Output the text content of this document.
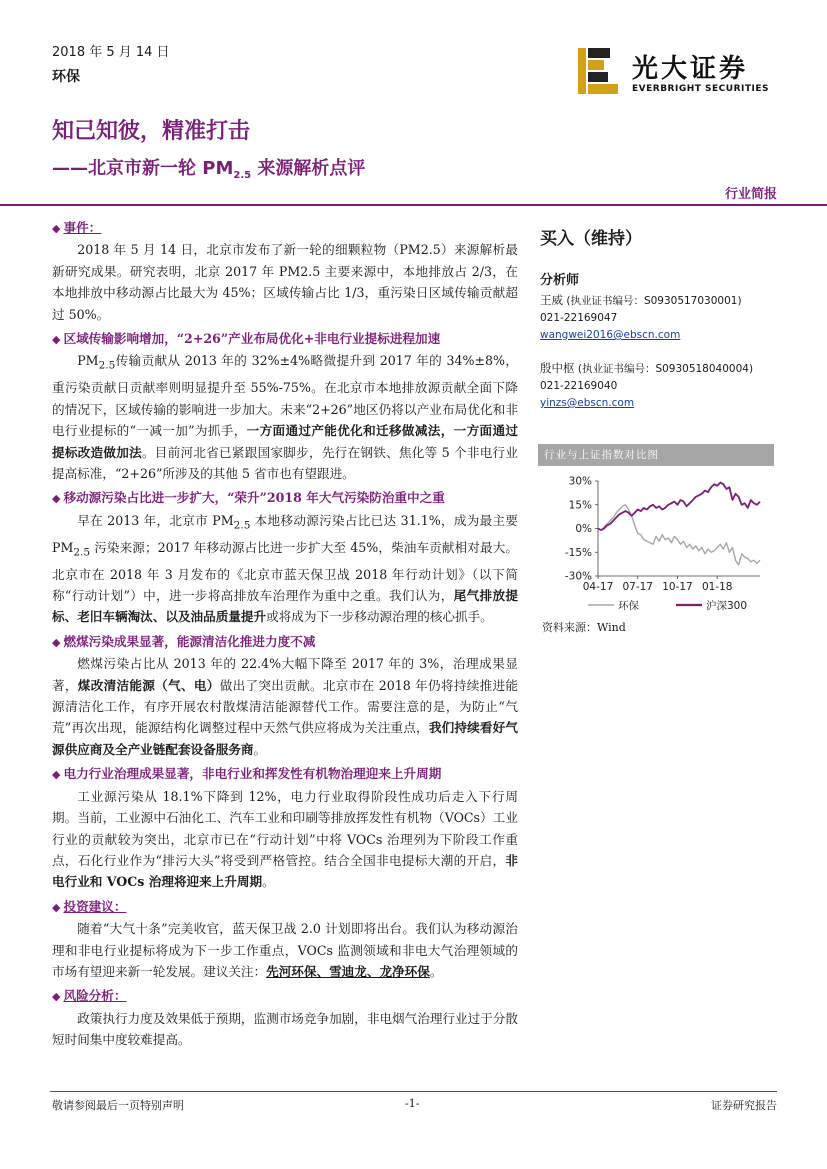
2018 年 5 月 14 日
环保	光大证券
EVERBRIGHT SECURITIES
知己知彼，精准打击
——北京市新一轮 $PM_{2.5}$ 来源解析点评
行业简报
◆ 事件：
2018 年 5 月 14 日，北京市发布了新一轮的细颗粒物（PM2.5）来源解析最新研究成果。研究表明，北京 2017 年 PM2.5 主要来源中，本地排放占 2/3，在本地排放中移动源占比最大为 45%；区域传输占比 1/3，重污染日区域传输贡献超过 50%。
◆ 区域传输影响增加，“2+26”产业布局优化+非电行业提标进程加速
$PM_{2.5}$传输贡献从 2013 年的 32%±4%略微提升到 2017 年的 34%±8%，重污染贡献日贡献率则明显提升至 55%-75%。在北京市本地排放源贡献全面下降的情况下，区域传输的影响进一步加大。未来“2+26”地区仍将以产业布局优化和非电行业提标的“一减一加”为抓手，一方面通过产能优化和迁移做减法，一方面通过提标改造做加法。目前河北省已紧跟国家脚步，先行在钢铁、焦化等 5 个非电行业提高标准，“2+26”所涉及的其他 5 省市也有望跟进。
◆ 移动源污染占比进一步扩大，“荣升”2018 年大气污染防治重中之重
早在 2013 年，北京市 $PM_{2.5}$ 本地移动源污染占比已达 31.1%，成为最主要 $PM_{2.5}$ 污染来源；2017 年移动源占比进一步扩大至 45%，柴油车贡献相对最大。北京市在 2018 年 3 月发布的《北京市蓝天保卫战 2018 年行动计划》（以下简称“行动计划”）中，进一步将高排放车治理作为重中之重。我们认为，尾气排放提标、老旧车辆淘汰、以及油品质量提升或将成为下一步移动源治理的核心抓手。
◆ 燃煤污染成果显著，能源清洁化推进力度不减
燃煤污染占比从 2013 年的 22.4%大幅下降至 2017 年的 3%，治理成果显著，煤改清洁能源（气、电）做出了突出贡献。北京市在 2018 年仍将持续推进能源清洁化工作，有序开展农村散煤清洁能源替代工作。需要注意的是，为防止“气荒”再次出现，能源结构化调整过程中天然气供应将成为关注重点，我们持续看好气源供应商及全产业链配套设备服务商。
◆ 电力行业治理成果显著，非电行业和挥发性有机物治理迎来上升周期
工业源污染从 18.1%下降到 12%，电力行业取得阶段性成功后走入下行周期。当前，工业源中石油化工、汽车工业和印刷等排放挥发性有机物（VOCs）工业行业的贡献较为突出，北京市已在“行动计划”中将 VOCs 治理列为下阶段工作重点，石化行业作为“排污大头”将受到严格管控。结合全国非电提标大潮的开启，非电行业和 VOCs 治理将迎来上升周期。
◆ 投资建议：
随着“大气十条”完美收官，蓝天保卫战 2.0 计划即将出台。我们认为移动源治理和非电行业提标将成为下一步工作重点，VOCs 监测领域和非电大气治理领域的市场有望迎来新一轮发展。建议关注：先河环保、雪迪龙、龙净环保。
◆ 风险分析：
政策执行力度及效果低于预期，监测市场竞争加剧，非电烟气治理行业过于分散短时间集中度较难提高。
买入（维持）
分析师
王威 (执业证书编号：S0930517030001)
021-22169047
wangwei2016@ebscn.com
殷中枢 (执业证书编号：S0930518040004)
021-22169040
yinzs@ebscn.com
行业与上证指数对比图
30%
15%
0%
-15%
-30%
04-17 07-17 10-17 01-18
环保	沪深300
资料来源：Wind
敬请参阅最后一页特别声明	-1-	证券研究报告
